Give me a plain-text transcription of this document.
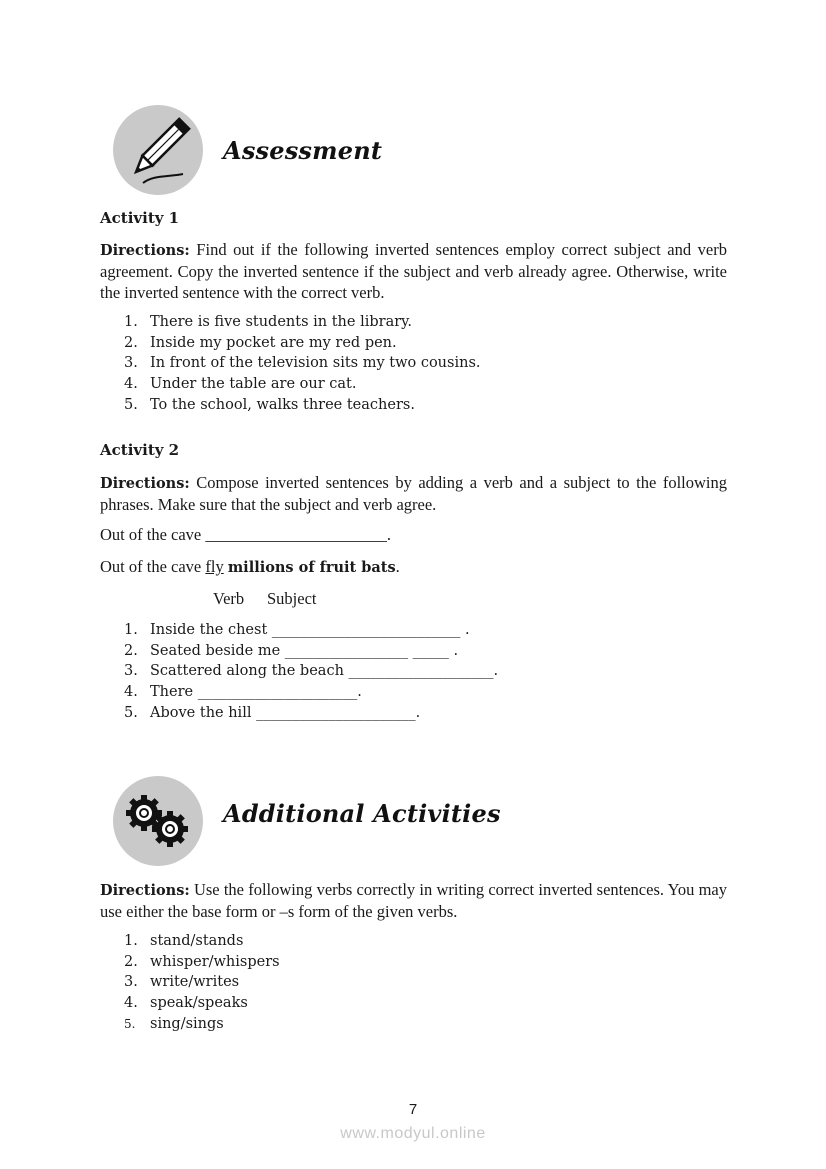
Assessment
Activity 1
Directions: Find out if the following inverted sentences employ correct subject and verb agreement. Copy the inverted sentence if the subject and verb already agree. Otherwise, write the inverted sentence with the correct verb.
1. There is five students in the library.
2. Inside my pocket are my red pen.
3. In front of the television sits my two cousins.
4. Under the table are our cat.
5. To the school, walks three teachers.
Activity 2
Directions: Compose inverted sentences by adding a verb and a subject to the following phrases. Make sure that the subject and verb agree.
Out of the cave ______________________.
Out of the cave fly millions of fruit bats.
Verb Subject
1. Inside the chest __________________________ .
2. Seated beside me _________________ _____ .
3. Scattered along the beach ____________________.
4. There ______________________.
5. Above the hill ______________________.
Additional Activities
Directions: Use the following verbs correctly in writing correct inverted sentences. You may use either the base form or –s form of the given verbs.
1. stand/stands
2. whisper/whispers
3. write/writes
4. speak/speaks
5.	sing/sings
7
www.modyul.online
